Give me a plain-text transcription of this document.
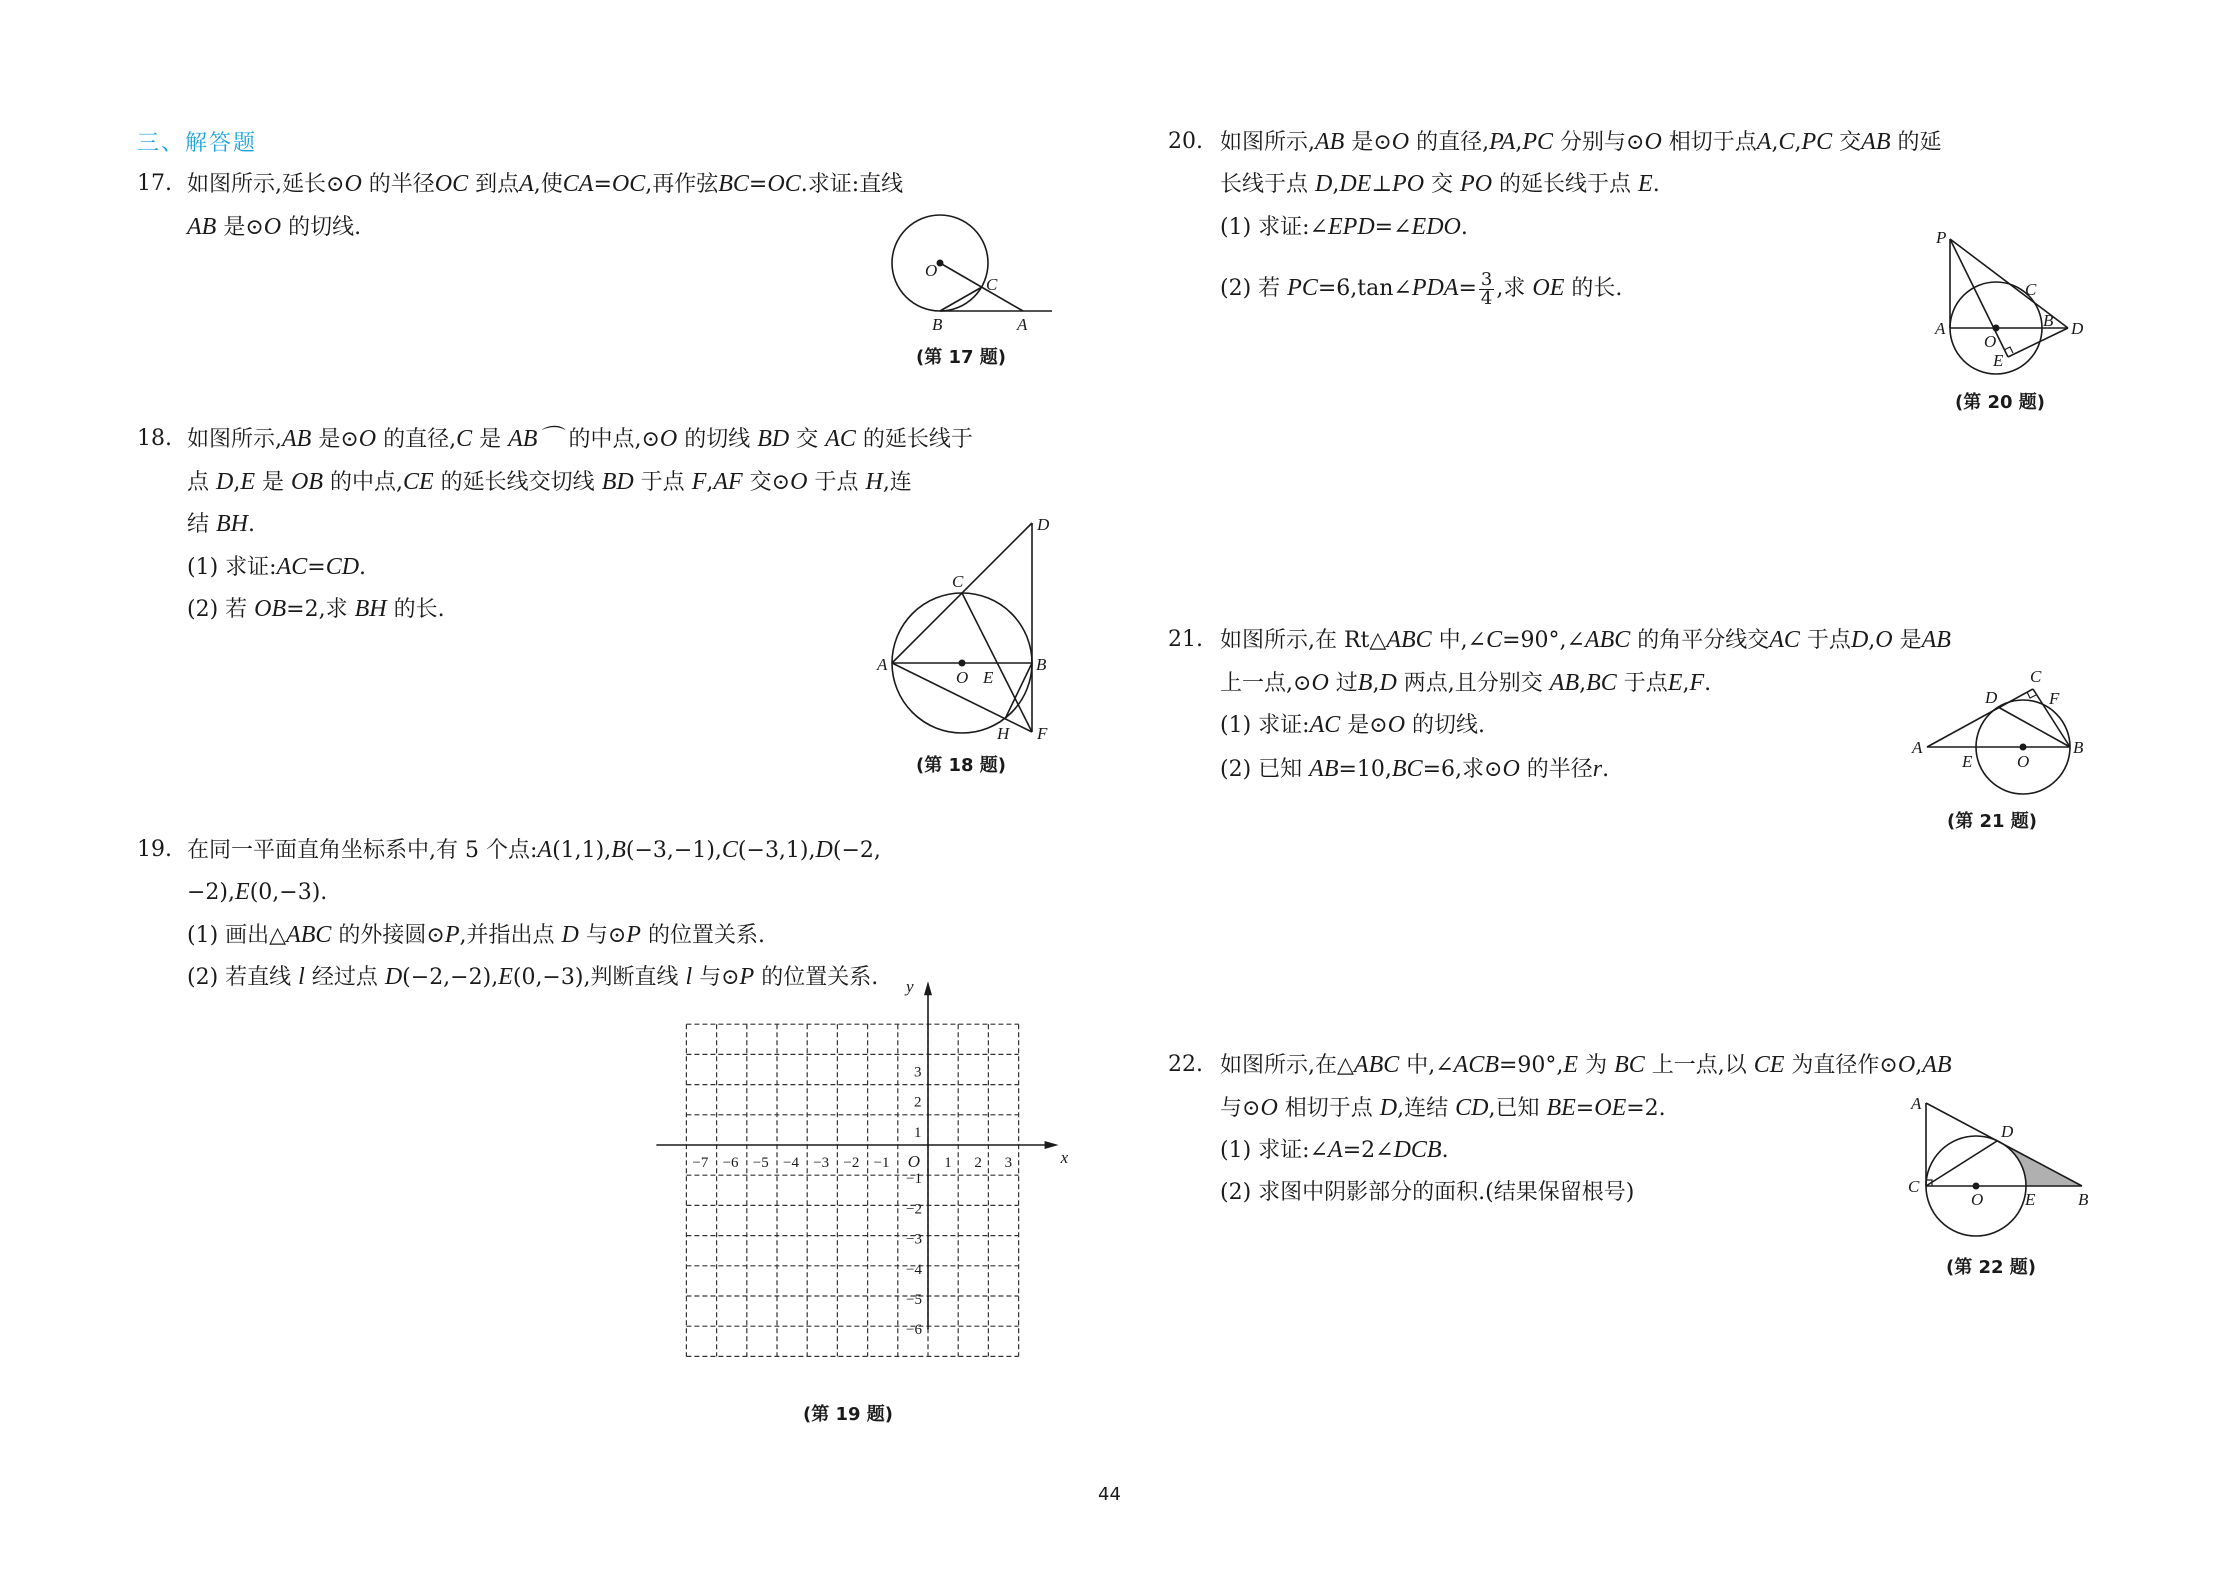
三、解答题
17. 如图所示,延长⊙O 的半径OC 到点A,使CA=OC,再作弦BC=OC.求证:直线
AB 是⊙O 的切线.
O
C
B	A
(第 17 题)
18. 如图所示,AB 是⊙O 的直径,C 是 AB⌒ 的中点,⊙O 的切线 BD 交 AC 的延长线于
点 D,E 是 OB 的中点,CE 的延长线交切线 BD 于点 F,AF 交⊙O 于点 H,连
结 BH.
(1) 求证:AC=CD.
(2) 若 OB=2,求 BH 的长.
D
C
A
O E
B
H F
(第 18 题)
19. 在同一平面直角坐标系中,有 5 个点:A(1,1),B(−3,−1),C(−3,1),D(−2,
−2),E(0,−3).
(1) 画出△ABC 的外接圆⊙P,并指出点 D 与⊙P 的位置关系.
(2) 若直线 l 经过点 D(−2,−2),E(0,−3),判断直线 l 与⊙P 的位置关系.
x
y
O
−7 −6 −5 −4 −3 −2 −1	1 2 3
3
2
1
−1
−2
−3
−4
−5
−6
(第 19 题)
20. 如图所示,AB 是⊙O 的直径,PA,PC 分别与⊙O 相切于点A,C,PC 交AB 的延
长线于点 D,DE⊥PO 交 PO 的延长线于点 E.
(1) 求证:∠EPD=∠EDO.
(2) 若 PC=6,tan∠PDA= $\frac{3}{4}$ ,求 OE 的长.
P
C
A
O
B D
E
(第 20 题)
21. 如图所示,在 Rt△ABC 中,∠C=90°,∠ABC 的角平分线交AC 于点D,O 是AB
上一点,⊙O 过B,D 两点,且分别交 AB,BC 于点E,F.
(1) 求证:AC 是⊙O 的切线.
(2) 已知 AB=10,BC=6,求⊙O 的半径r.
C
D	F
A
E	O
B
(第 21 题)
22. 如图所示,在△ABC 中,∠ACB=90°,E 为 BC 上一点,以 CE 为直径作⊙O,AB
与⊙O 相切于点 D,连结 CD,已知 BE=OE=2.
(1) 求证:∠A=2∠DCB.
(2) 求图中阴影部分的面积.(结果保留根号)
A
D
C
O E	B
(第 22 题)
44
